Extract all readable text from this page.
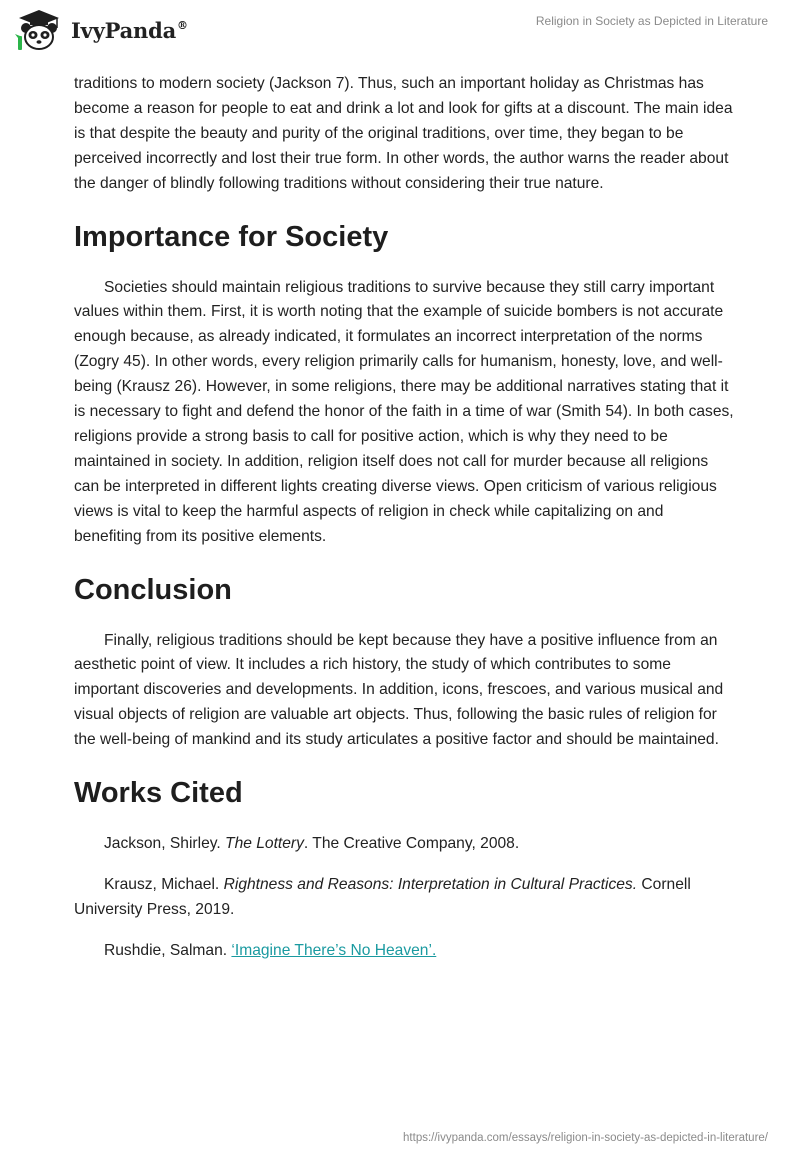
IvyPanda®	Religion in Society as Depicted in Literature

traditions to modern society (Jackson 7). Thus, such an important holiday as Christmas has become a reason for people to eat and drink a lot and look for gifts at a discount. The main idea is that despite the beauty and purity of the original traditions, over time, they began to be perceived incorrectly and lost their true form. In other words, the author warns the reader about the danger of blindly following traditions without considering their true nature.

Importance for Society

Societies should maintain religious traditions to survive because they still carry important values within them. First, it is worth noting that the example of suicide bombers is not accurate enough because, as already indicated, it formulates an incorrect interpretation of the norms (Zogry 45). In other words, every religion primarily calls for humanism, honesty, love, and well-being (Krausz 26). However, in some religions, there may be additional narratives stating that it is necessary to fight and defend the honor of the faith in a time of war (Smith 54). In both cases, religions provide a strong basis to call for positive action, which is why they need to be maintained in society. In addition, religion itself does not call for murder because all religions can be interpreted in different lights creating diverse views. Open criticism of various religious views is vital to keep the harmful aspects of religion in check while capitalizing on and benefiting from its positive elements.

Conclusion

Finally, religious traditions should be kept because they have a positive influence from an aesthetic point of view. It includes a rich history, the study of which contributes to some important discoveries and developments. In addition, icons, frescoes, and various musical and visual objects of religion are valuable art objects. Thus, following the basic rules of religion for the well-being of mankind and its study articulates a positive factor and should be maintained.

Works Cited

Jackson, Shirley. The Lottery. The Creative Company, 2008.

Krausz, Michael. Rightness and Reasons: Interpretation in Cultural Practices. Cornell University Press, 2019.

Rushdie, Salman. ‘Imagine There’s No Heaven’.

https://ivypanda.com/essays/religion-in-society-as-depicted-in-literature/
